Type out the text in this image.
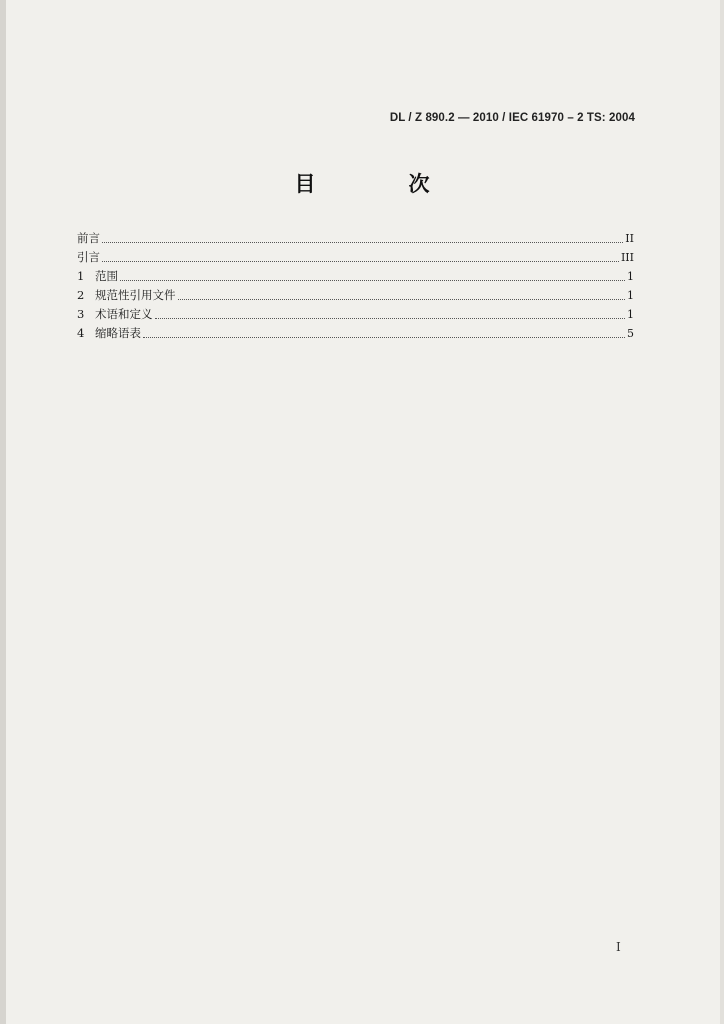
DL / Z 890.2 — 2010 / IEC 61970 – 2 TS: 2004
目　次
前言	II
引言	III
1 范围	1
2 规范性引用文件	1
3 术语和定义	1
4 缩略语表	5
I
